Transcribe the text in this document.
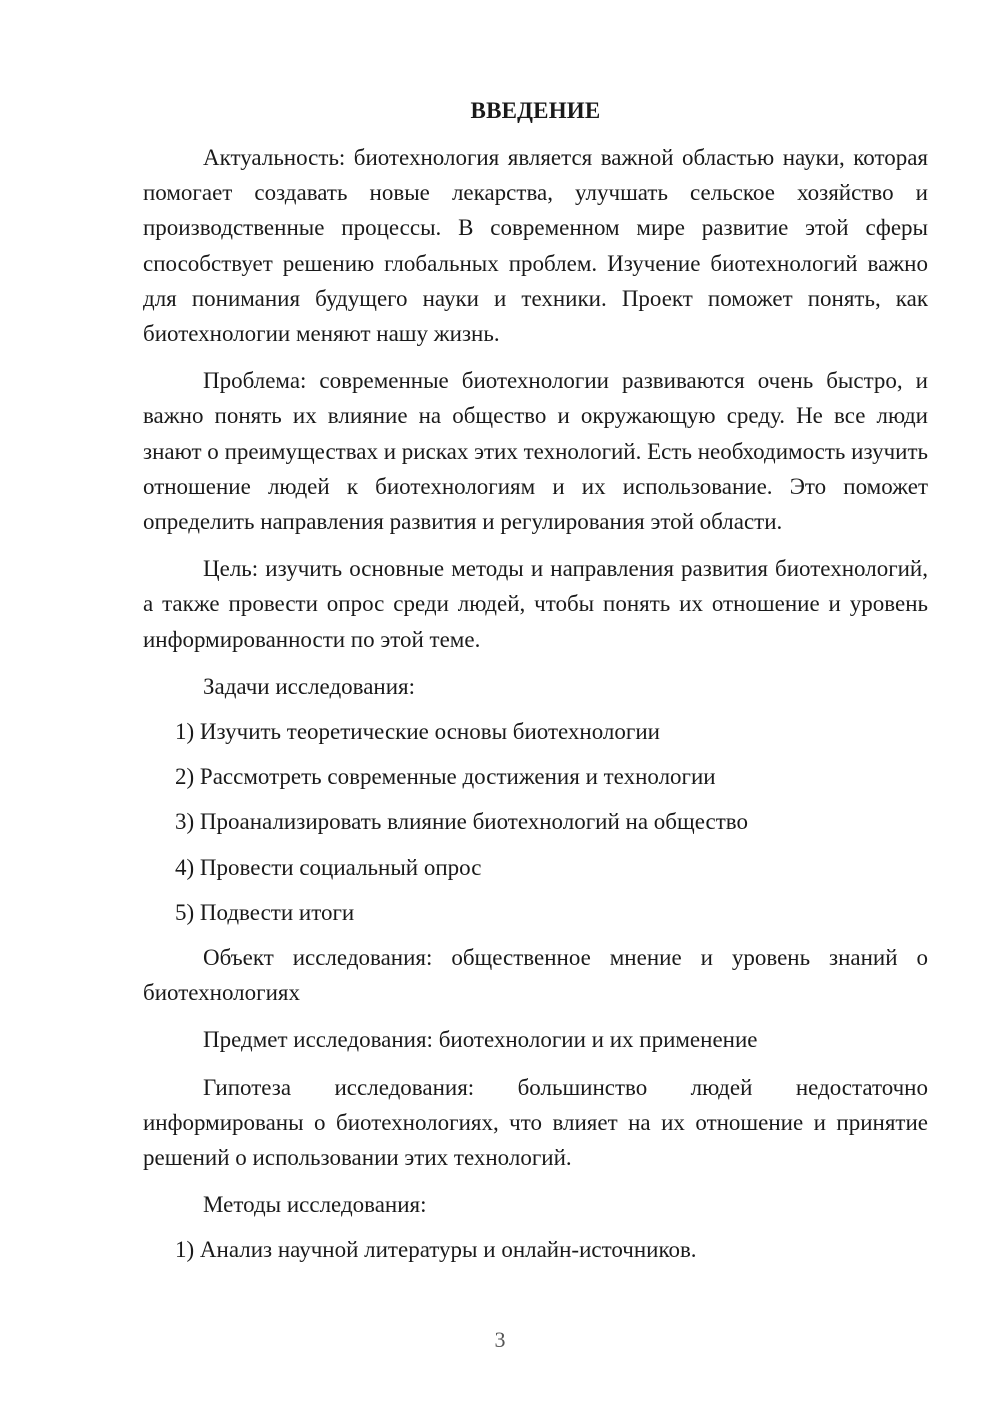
ВВЕДЕНИЕ

Актуальность: биотехнология является важной областью науки, которая помогает создавать новые лекарства, улучшать сельское хозяйство и производственные процессы. В современном мире развитие этой сферы способствует решению глобальных проблем. Изучение биотехнологий важно для понимания будущего науки и техники. Проект поможет понять, как биотехнологии меняют нашу жизнь.

Проблема: современные биотехнологии развиваются очень быстро, и важно понять их влияние на общество и окружающую среду. Не все люди знают о преимуществах и рисках этих технологий. Есть необходимость изучить отношение людей к биотехнологиям и их использование. Это поможет определить направления развития и регулирования этой области.

Цель: изучить основные методы и направления развития биотехнологий, а также провести опрос среди людей, чтобы понять их отношение и уровень информированности по этой теме.

Задачи исследования:
1) Изучить теоретические основы биотехнологии
2) Рассмотреть современные достижения и технологии
3) Проанализировать влияние биотехнологий на общество
4) Провести социальный опрос
5) Подвести итоги

Объект исследования: общественное мнение и уровень знаний о биотехнологиях

Предмет исследования: биотехнологии и их применение

Гипотеза исследования: большинство людей недостаточно информированы о биотехнологиях, что влияет на их отношение и принятие решений о использовании этих технологий.

Методы исследования:
1) Анализ научной литературы и онлайн-источников.
3
